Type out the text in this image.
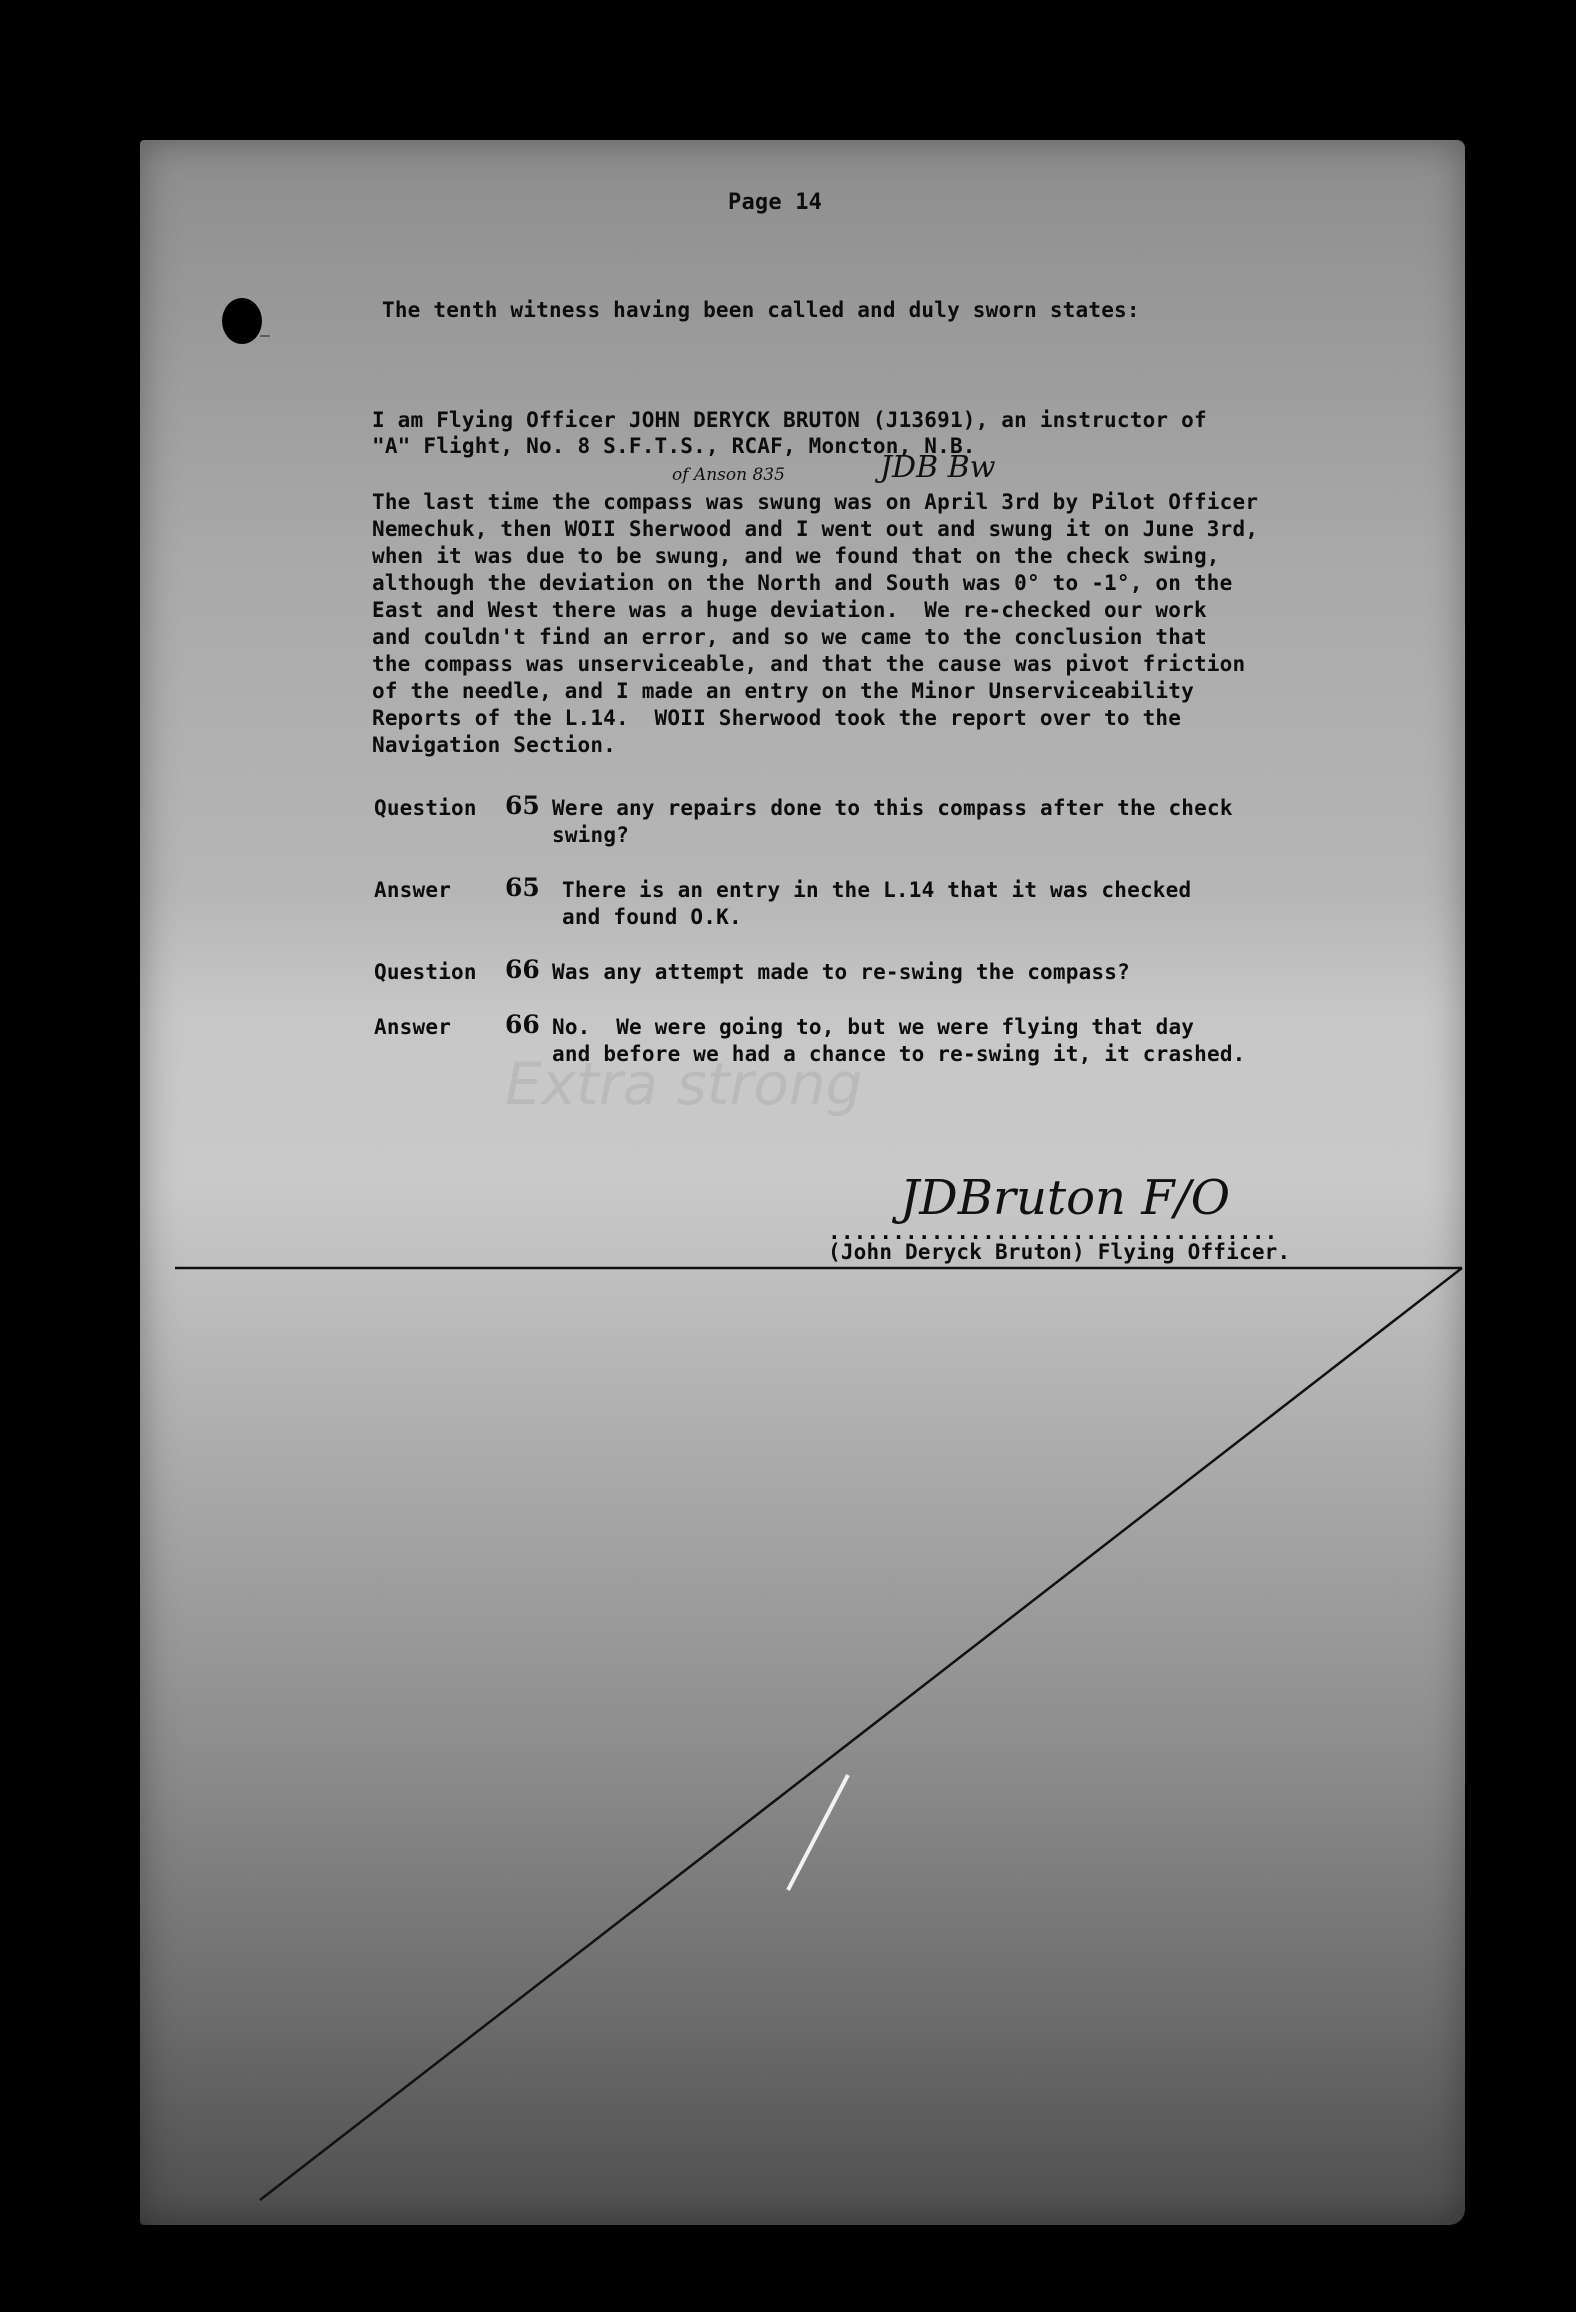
Page 14
The tenth witness having been called and duly sworn states:
I am Flying Officer JOHN DERYCK BRUTON (J13691), an instructor of
"A" Flight, No. 8 S.F.T.S., RCAF, Moncton, N.B.
of Anson 835	JDB Bw
The last time the compass was swung was on April 3rd by Pilot Officer
Nemechuk, then WOII Sherwood and I went out and swung it on June 3rd,
when it was due to be swung, and we found that on the check swing,
although the deviation on the North and South was 0° to -1°, on the
East and West there was a huge deviation.  We re-checked our work
and couldn't find an error, and so we came to the conclusion that
the compass was unserviceable, and that the cause was pivot friction
of the needle, and I made an entry on the Minor Unserviceability
Reports of the L.14.  WOII Sherwood took the report over to the
Navigation Section.
Question 65 Were any repairs done to this compass after the check
swing?
Answer 65 There is an entry in the L.14 that it was checked
and found O.K.
Question 66 Was any attempt made to re-swing the compass?
Answer 66 No.  We were going to, but we were flying that day
and before we had a chance to re-swing it, it crashed.
Extra strong
JDBruton F/O
...................................
(John Deryck Bruton) Flying Officer.
